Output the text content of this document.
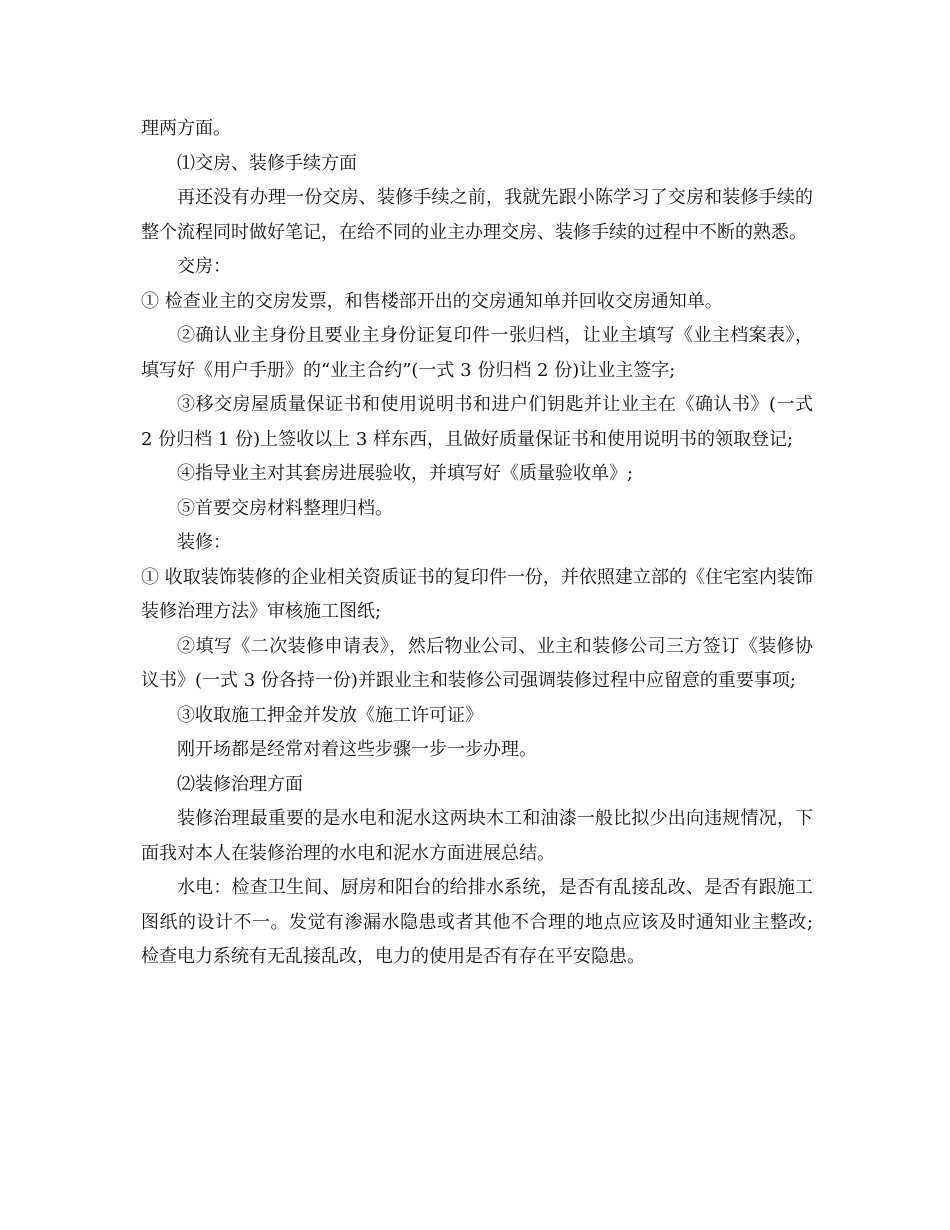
理两方面。

⑴交房、装修手续方面

再还没有办理一份交房、装修手续之前，我就先跟小陈学习了交房和装修手续的整个流程同时做好笔记，在给不同的业主办理交房、装修手续的过程中不断的熟悉。

交房：

① 检查业主的交房发票，和售楼部开出的交房通知单并回收交房通知单。

②确认业主身份且要业主身份证复印件一张归档，让业主填写《业主档案表》，填写好《用户手册》的“业主合约”(一式 3 份归档 2 份)让业主签字;

③移交房屋质量保证书和使用说明书和进户们钥匙并让业主在《确认书》(一式 2 份归档 1 份)上签收以上 3 样东西，且做好质量保证书和使用说明书的领取登记;

④指导业主对其套房进展验收，并填写好《质量验收单》;

⑤首要交房材料整理归档。

装修：

① 收取装饰装修的企业相关资质证书的复印件一份，并依照建立部的《住宅室内装饰装修治理方法》审核施工图纸;

②填写《二次装修申请表》，然后物业公司、业主和装修公司三方签订《装修协议书》(一式 3 份各持一份)并跟业主和装修公司强调装修过程中应留意的重要事项;

③收取施工押金并发放《施工许可证》

刚开场都是经常对着这些步骤一步一步办理。

⑵装修治理方面

装修治理最重要的是水电和泥水这两块木工和油漆一般比拟少出向违规情况，下面我对本人在装修治理的水电和泥水方面进展总结。

水电：检查卫生间、厨房和阳台的给排水系统，是否有乱接乱改、是否有跟施工图纸的设计不一。发觉有渗漏水隐患或者其他不合理的地点应该及时通知业主整改;检查电力系统有无乱接乱改，电力的使用是否有存在平安隐患。
